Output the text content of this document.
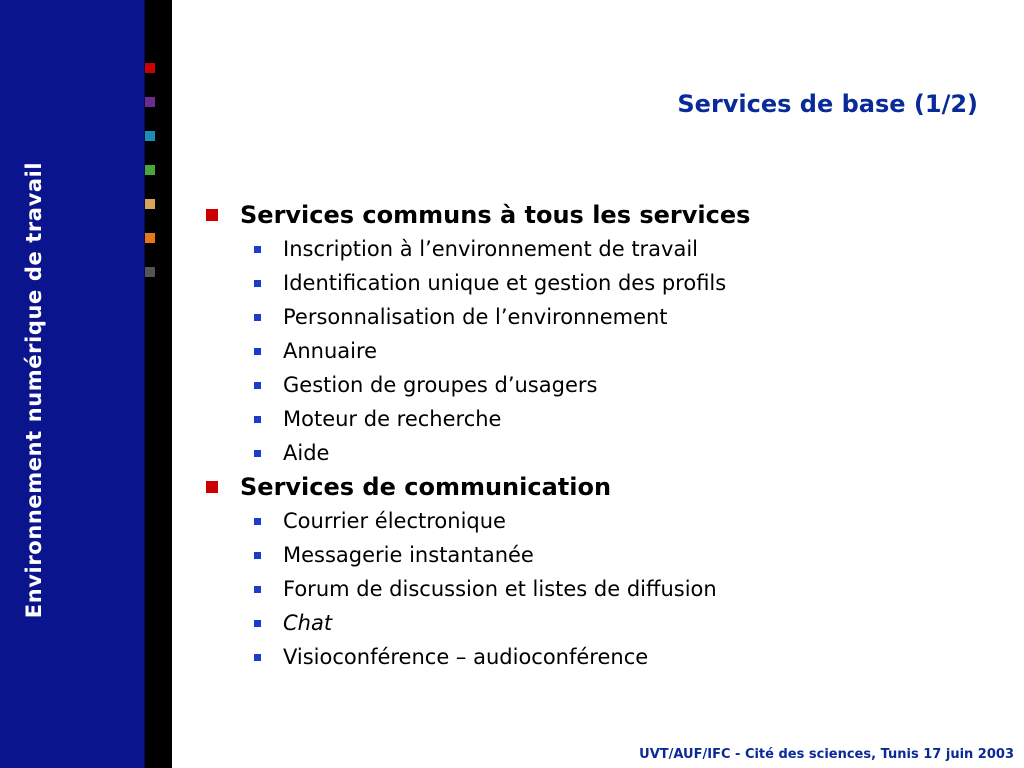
Environnement numérique de travail
Services de base (1/2)
Services communs à tous les services
Inscription à l’environnement de travail
Identification unique et gestion des profils
Personnalisation de l’environnement
Annuaire
Gestion de groupes d’usagers
Moteur de recherche
Aide
Services de communication
Courrier électronique
Messagerie instantanée
Forum de discussion et listes de diffusion
Chat
Visioconférence – audioconférence
UVT/AUF/IFC - Cité des sciences, Tunis 17 juin 2003
